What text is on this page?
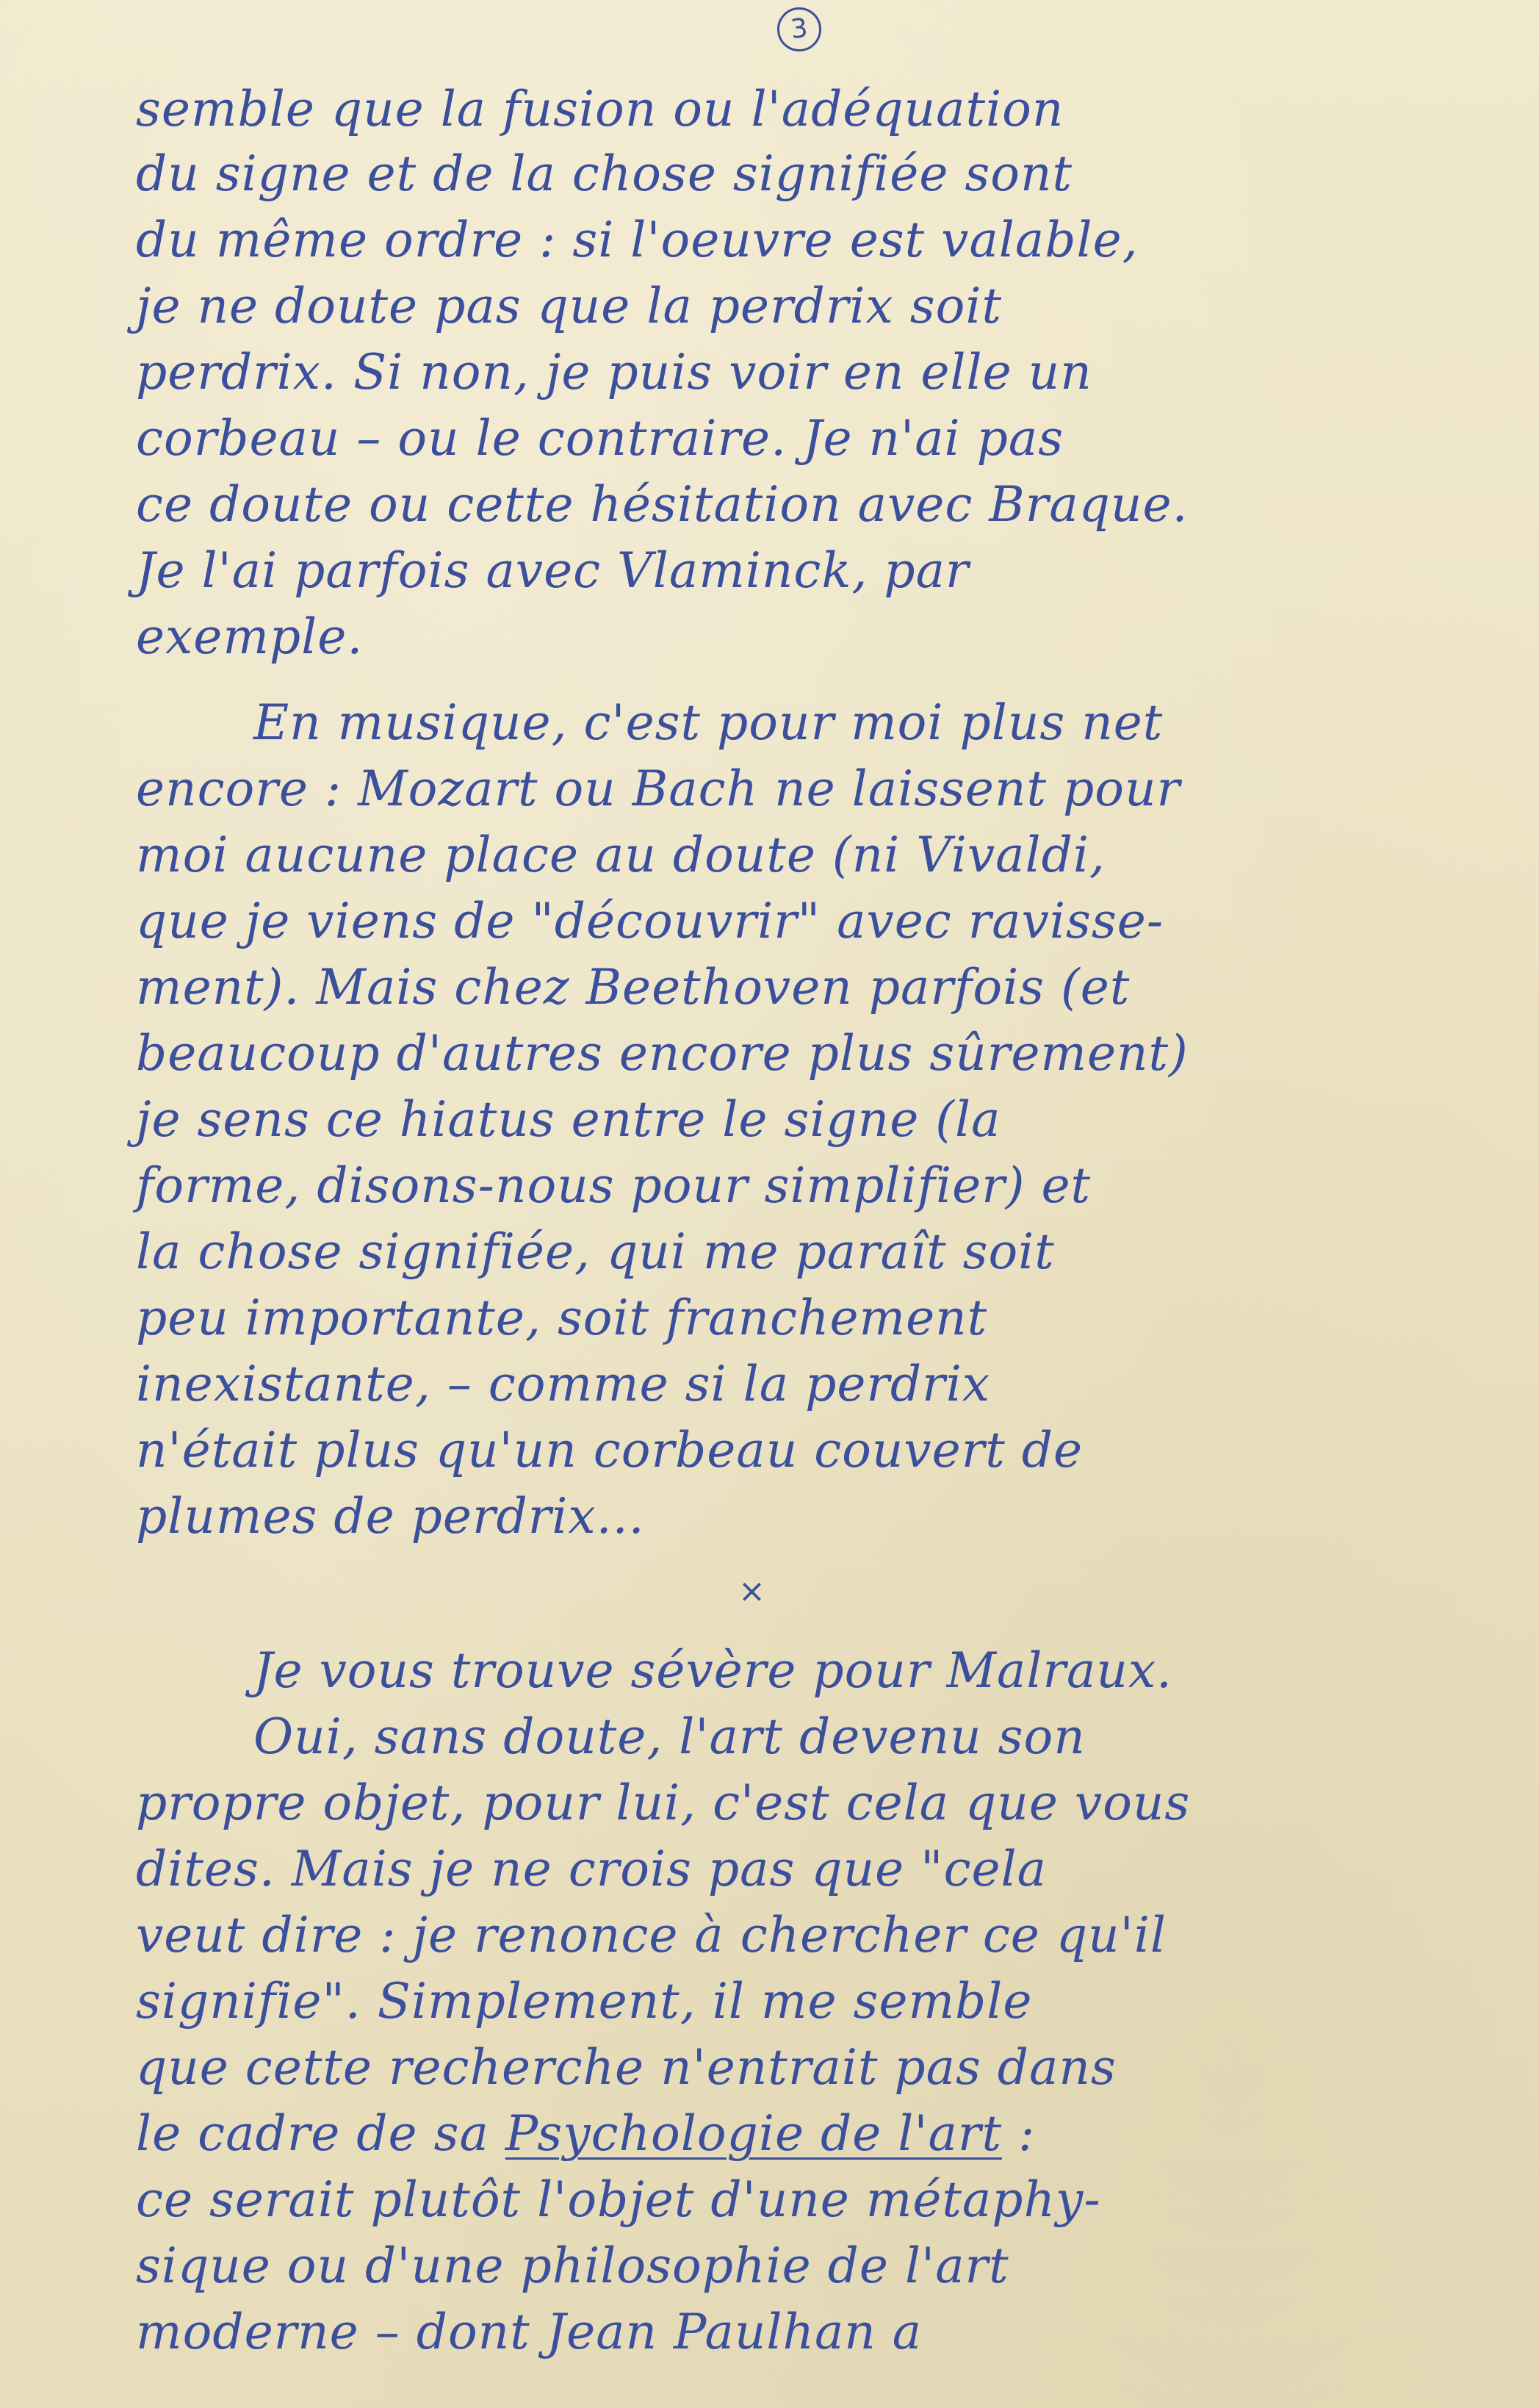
3
semble que la fusion ou l'adéquation
du signe et de la chose signifiée sont
du même ordre : si l'oeuvre est valable,
je ne doute pas que la perdrix soit
perdrix. Si non, je puis voir en elle un
corbeau – ou le contraire. Je n'ai pas
ce doute ou cette hésitation avec Braque.
Je l'ai parfois avec Vlaminck, par
exemple.
En musique, c'est pour moi plus net
encore : Mozart ou Bach ne laissent pour
moi aucune place au doute (ni Vivaldi,
que je viens de "découvrir" avec ravisse-
ment). Mais chez Beethoven parfois (et
beaucoup d'autres encore plus sûrement)
je sens ce hiatus entre le signe (la
forme, disons-nous pour simplifier) et
la chose signifiée, qui me paraît soit
peu importante, soit franchement
inexistante, – comme si la perdrix
n'était plus qu'un corbeau couvert de
plumes de perdrix...
×
Je vous trouve sévère pour Malraux.
Oui, sans doute, l'art devenu son
propre objet, pour lui, c'est cela que vous
dites. Mais je ne crois pas que "cela
veut dire : je renonce à chercher ce qu'il
signifie". Simplement, il me semble
que cette recherche n'entrait pas dans
le cadre de sa Psychologie de l'art :
ce serait plutôt l'objet d'une métaphy-
sique ou d'une philosophie de l'art
moderne – dont Jean Paulhan a
